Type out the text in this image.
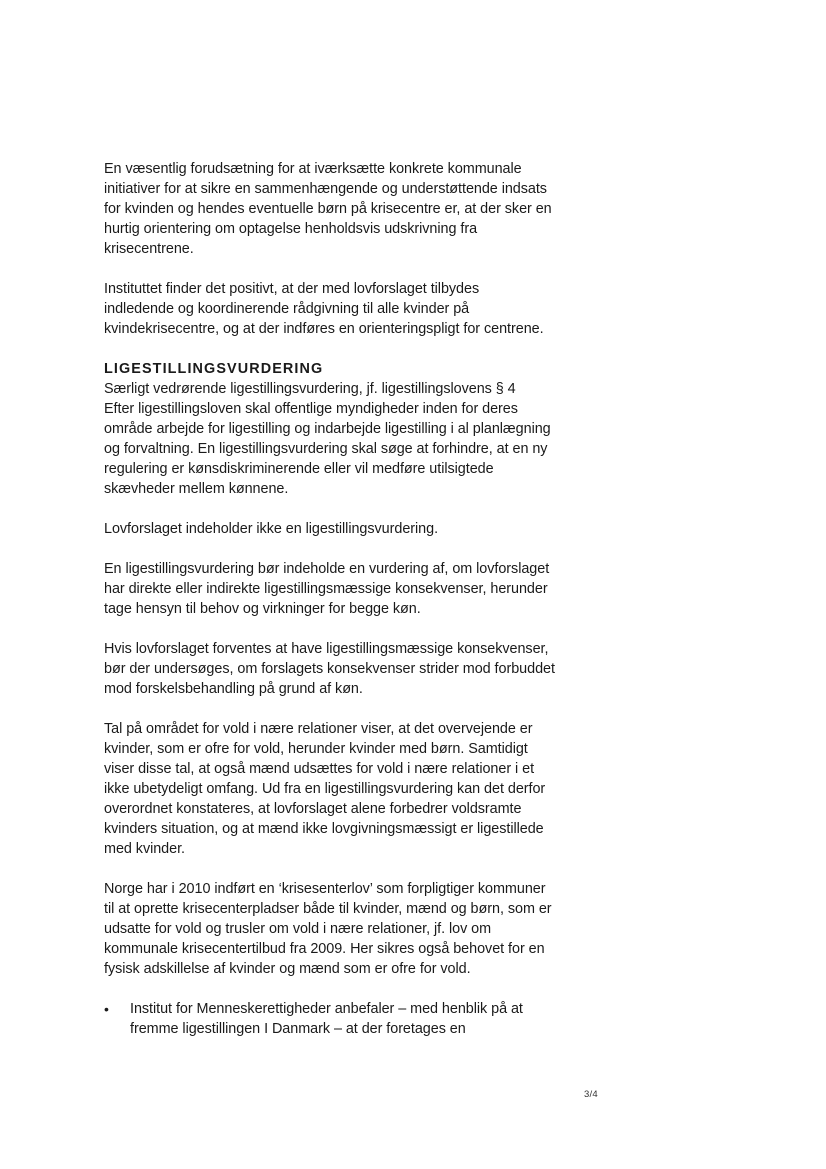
En væsentlig forudsætning for at iværksætte konkrete kommunale
initiativer for at sikre en sammenhængende og understøttende indsats
for kvinden og hendes eventuelle børn på krisecentre er, at der sker en
hurtig orientering om optagelse henholdsvis udskrivning fra
krisecentrene.

Instituttet finder det positivt, at der med lovforslaget tilbydes
indledende og koordinerende rådgivning til alle kvinder på
kvindekrisecentre, og at der indføres en orienteringspligt for centrene.

LIGESTILLINGSVURDERING

Særligt vedrørende ligestillingsvurdering, jf. ligestillingslovens § 4
Efter ligestillingsloven skal offentlige myndigheder inden for deres
område arbejde for ligestilling og indarbejde ligestilling i al planlægning
og forvaltning. En ligestillingsvurdering skal søge at forhindre, at en ny
regulering er kønsdiskriminerende eller vil medføre utilsigtede
skævheder mellem kønnene.

Lovforslaget indeholder ikke en ligestillingsvurdering.

En ligestillingsvurdering bør indeholde en vurdering af, om lovforslaget
har direkte eller indirekte ligestillingsmæssige konsekvenser, herunder
tage hensyn til behov og virkninger for begge køn.

Hvis lovforslaget forventes at have ligestillingsmæssige konsekvenser,
bør der undersøges, om forslagets konsekvenser strider mod forbuddet
mod forskelsbehandling på grund af køn.

Tal på området for vold i nære relationer viser, at det overvejende er
kvinder, som er ofre for vold, herunder kvinder med børn. Samtidigt
viser disse tal, at også mænd udsættes for vold i nære relationer i et
ikke ubetydeligt omfang. Ud fra en ligestillingsvurdering kan det derfor
overordnet konstateres, at lovforslaget alene forbedrer voldsramte
kvinders situation, og at mænd ikke lovgivningsmæssigt er ligestillede
med kvinder.

Norge har i 2010 indført en ‘krisesenterlov’ som forpligtiger kommuner
til at oprette krisecenterpladser både til kvinder, mænd og børn, som er
udsatte for vold og trusler om vold i nære relationer, jf. lov om
kommunale krisecentertilbud fra 2009. Her sikres også behovet for en
fysisk adskillelse af kvinder og mænd som er ofre for vold.

• Institut for Menneskerettigheder anbefaler – med henblik på at
fremme ligestillingen I Danmark – at der foretages en
3/4
